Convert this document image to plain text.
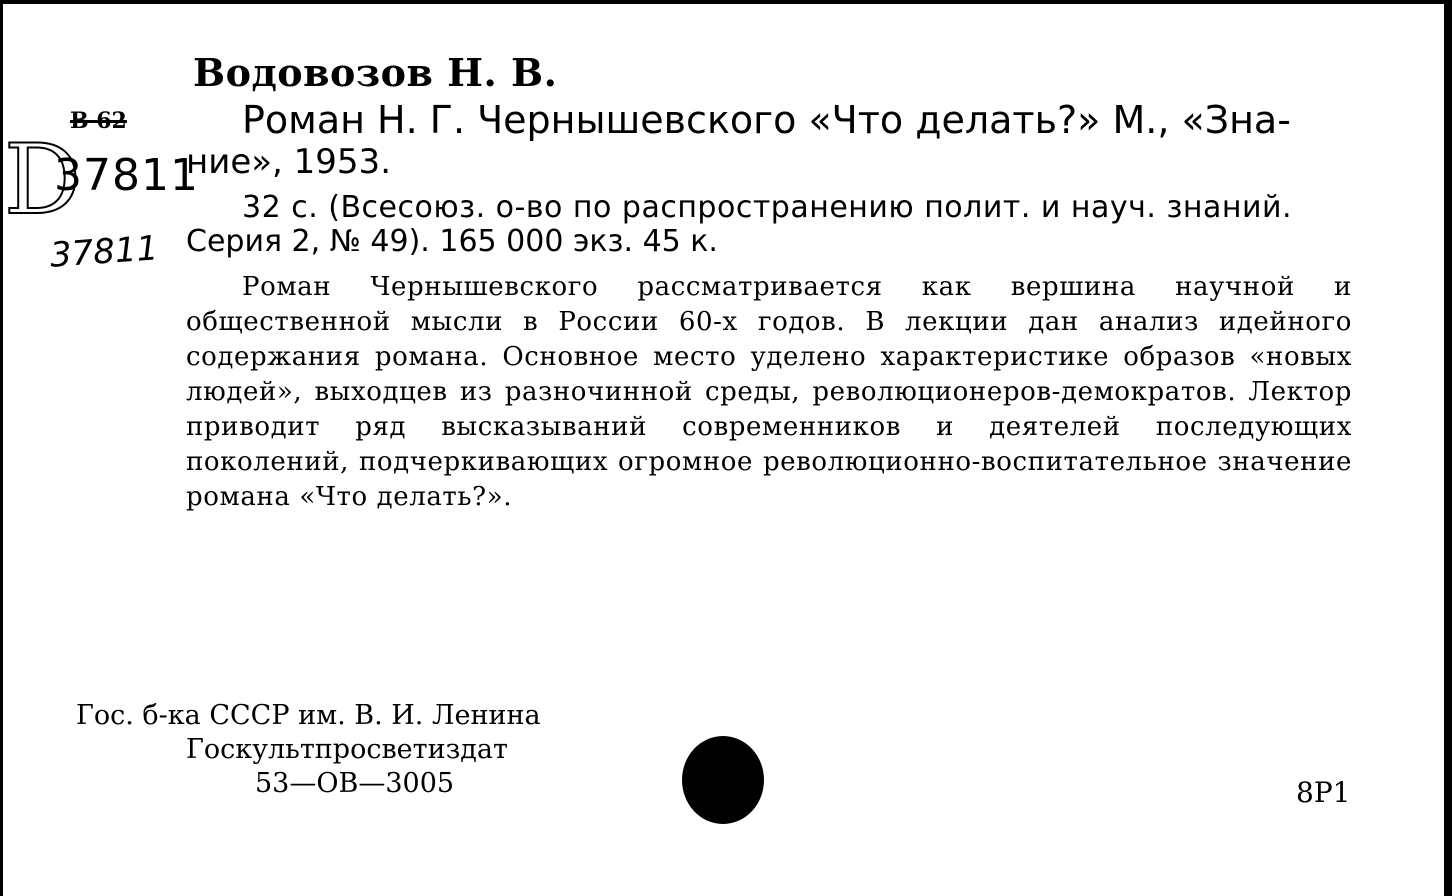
В 62
D
37811
37811
Водовозов Н. В.
Роман Н. Г. Чернышевского «Что делать?» М., «Зна-
ние», 1953.
32 с. (Всесоюз. о-во по распространению полит. и науч. знаний.
Серия 2, № 49). 165 000 экз. 45 к.
Роман Чернышевского рассматривается как вершина научной и общественной мысли в России 60-х годов. В лекции дан анализ идейного содержания романа. Основное место уделено характеристике образов «новых людей», выходцев из разночинной среды, революционеров-демократов. Лектор приводит ряд высказываний современников и деятелей последующих поколений, подчеркивающих огромное революционно-воспитательное значение романа «Что делать?».
Гос. б-ка СССР им. В. И. Ленина
Госкультпросветиздат
53—ОВ—3005	8Р1
